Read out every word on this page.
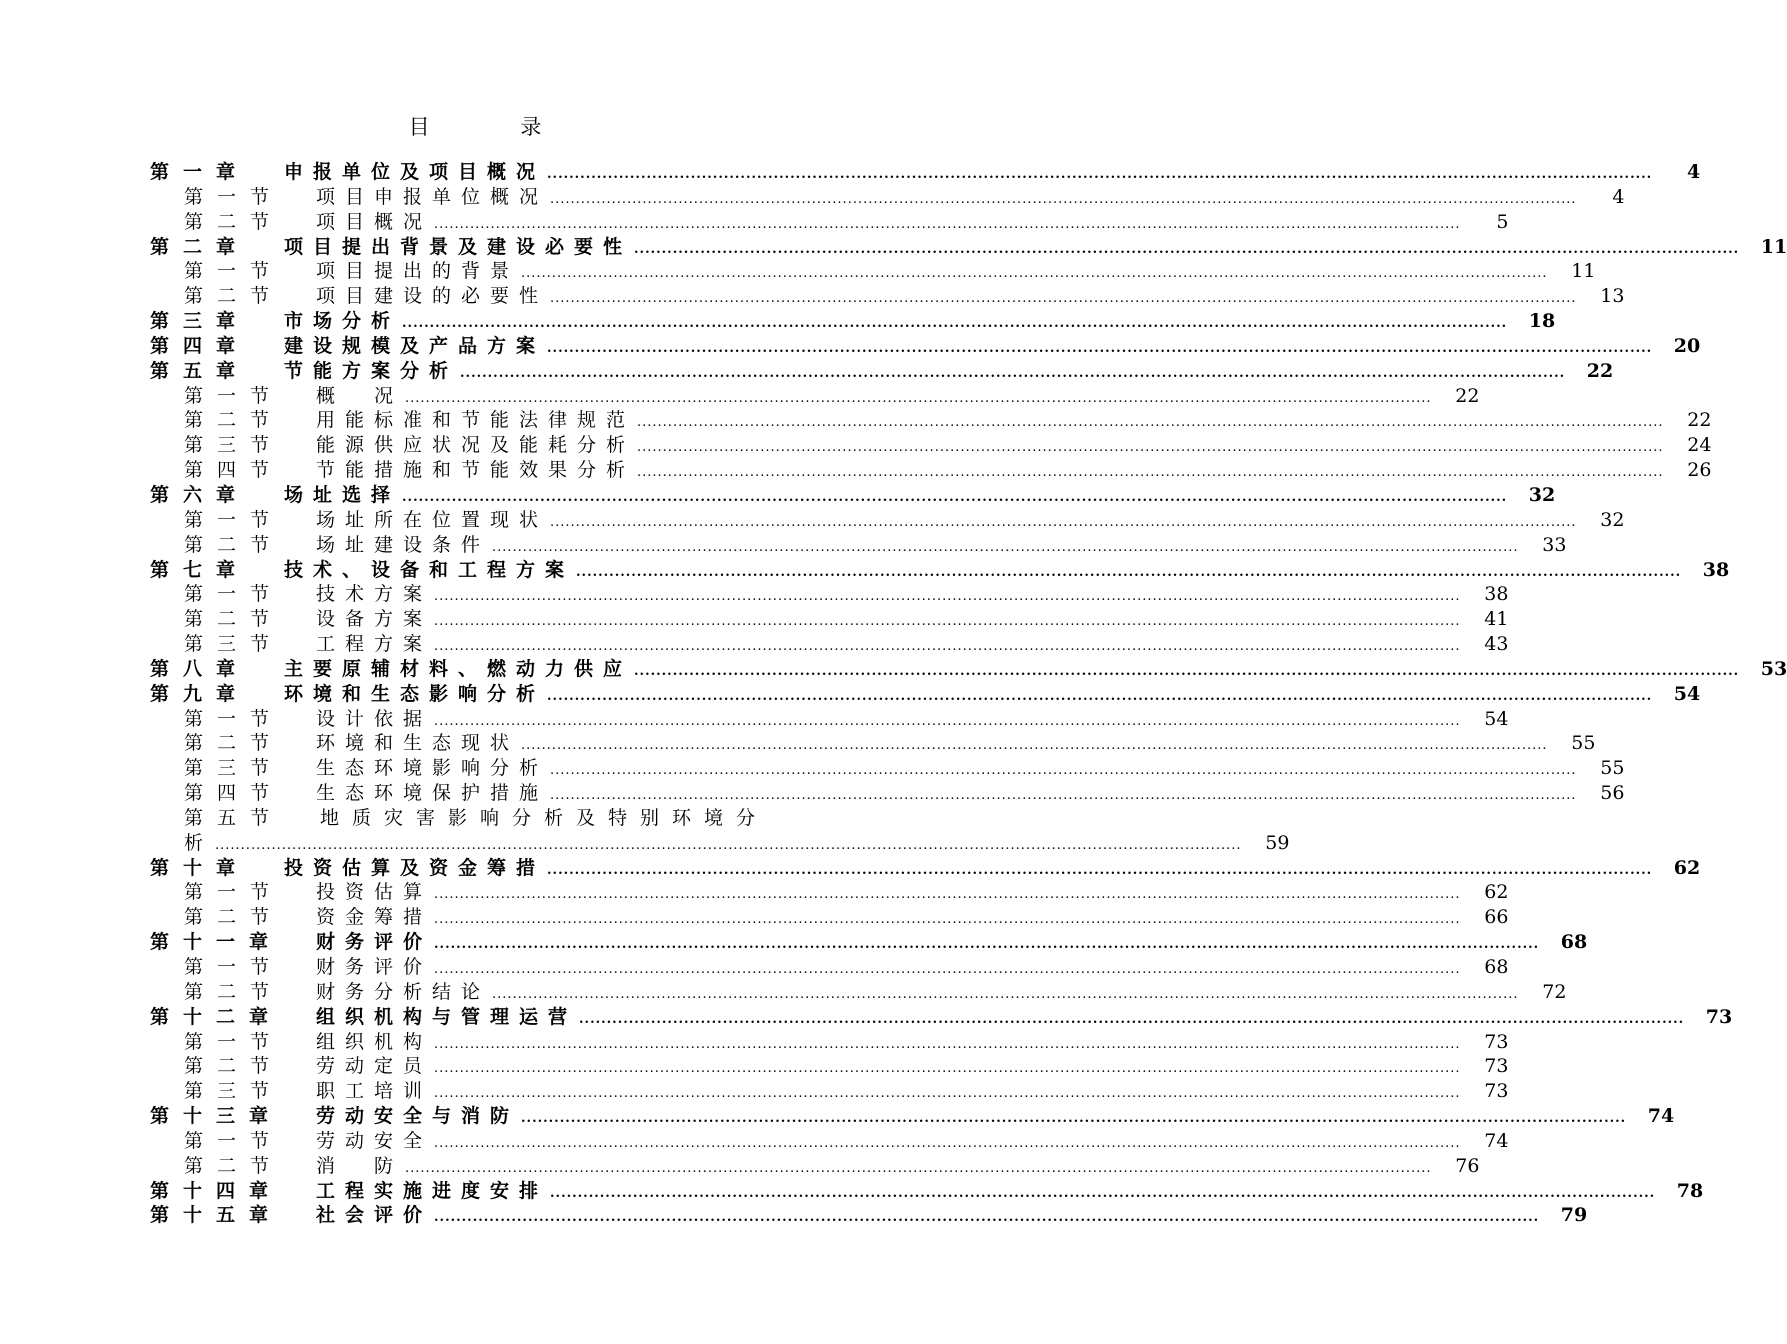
目 录
第一章 申报单位及项目概况 ........................................................................................................................................................................................................	4
第一节 项目申报单位概况 ........................................................................................................................................................................................................	4
第二节 项目概况 ........................................................................................................................................................................................................	5
第二章 项目提出背景及建设必要性 ........................................................................................................................................................................................................	11
第一节 项目提出的背景 ........................................................................................................................................................................................................	11
第二节 项目建设的必要性 ........................................................................................................................................................................................................	13
第三章 市场分析 ........................................................................................................................................................................................................	18
第四章 建设规模及产品方案 ........................................................................................................................................................................................................	20
第五章 节能方案分析 ........................................................................................................................................................................................................	22
第一节 概　况 ........................................................................................................................................................................................................	22
第二节 用能标准和节能法律规范 ........................................................................................................................................................................................................	22
第三节 能源供应状况及能耗分析 ........................................................................................................................................................................................................	24
第四节 节能措施和节能效果分析 ........................................................................................................................................................................................................	26
第六章 场址选择 ........................................................................................................................................................................................................	32
第一节 场址所在位置现状 ........................................................................................................................................................................................................	32
第二节 场址建设条件 ........................................................................................................................................................................................................	33
第七章 技术、设备和工程方案 ........................................................................................................................................................................................................	38
第一节 技术方案 ........................................................................................................................................................................................................	38
第二节 设备方案 ........................................................................................................................................................................................................	41
第三节 工程方案 ........................................................................................................................................................................................................	43
第八章 主要原辅材料、燃动力供应 ........................................................................................................................................................................................................	53
第九章 环境和生态影响分析 ........................................................................................................................................................................................................	54
第一节 设计依据 ........................................................................................................................................................................................................	54
第二节 环境和生态现状 ........................................................................................................................................................................................................	55
第三节 生态环境影响分析 ........................................................................................................................................................................................................	55
第四节 生态环境保护措施 ........................................................................................................................................................................................................	56
第五节 地质灾害影响分析及特别环境分
析 ........................................................................................................................................................................................................	59
第十章 投资估算及资金筹措 ........................................................................................................................................................................................................	62
第一节 投资估算 ........................................................................................................................................................................................................	62
第二节 资金筹措 ........................................................................................................................................................................................................	66
第十一章 财务评价 ........................................................................................................................................................................................................	68
第一节 财务评价 ........................................................................................................................................................................................................	68
第二节 财务分析结论 ........................................................................................................................................................................................................	72
第十二章 组织机构与管理运营 ........................................................................................................................................................................................................	73
第一节 组织机构 ........................................................................................................................................................................................................	73
第二节 劳动定员 ........................................................................................................................................................................................................	73
第三节 职工培训 ........................................................................................................................................................................................................	73
第十三章 劳动安全与消防 ........................................................................................................................................................................................................	74
第一节 劳动安全 ........................................................................................................................................................................................................	74
第二节 消　防 ........................................................................................................................................................................................................	76
第十四章 工程实施进度安排 ........................................................................................................................................................................................................	78
第十五章 社会评价 ........................................................................................................................................................................................................	79
